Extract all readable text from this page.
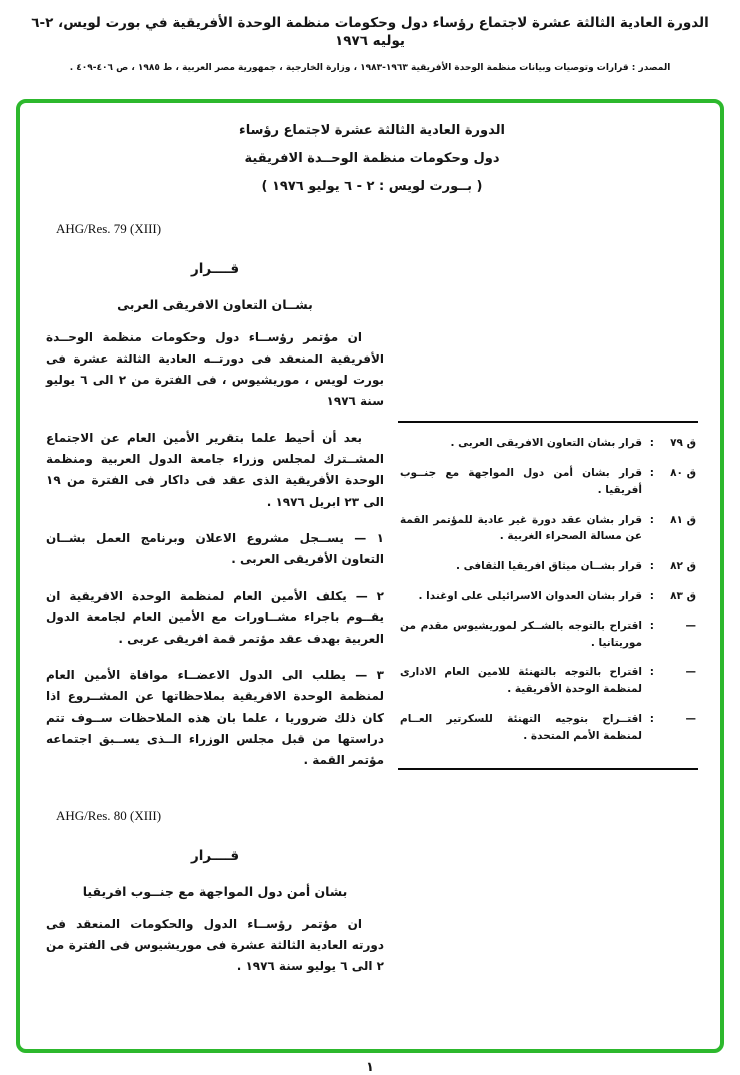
الدورة العادية الثالثة عشرة لاجتماع رؤساء دول وحكومات منظمة الوحدة الأفريقية في بورت لويس، ٢-٦ يوليه ١٩٧٦
المصدر : قرارات وتوصيات وبيانات منظمة الوحدة الأفريقية ١٩٦٣-١٩٨٣ ، وزارة الخارجية ، جمهورية مصر العربية ، ط ١٩٨٥ ، ص ٤٠٦-٤٠٩ .
الدورة العادية الثالثة عشرة لاجتماع رؤساء
دول وحكومات منظمة الوحــدة الافريقية
( بــورت لويس : ٢ - ٦ يوليو ١٩٧٦ )
ق ٧٩
:
قرار بشان التعاون الافريقى العربى .
ق ٨٠
:
قرار بشان أمن دول المواجهة مع جنــوب أفريقيا .
ق ٨١
:
قرار بشان عقد دورة غير عادية للمؤتمر القمة عن مسالة الصحراء الغربية .
ق ٨٢
:
قرار بشــان ميثاق افريقيا الثقافى .
ق ٨٣
:
قرار بشان العدوان الاسرائيلى على اوغندا .
—
:
اقتراح بالتوجه بالشــكر لموريشيوس مقدم من موريتانيا .
—
:
اقتراح بالتوجه بالتهنئة للامين العام الادارى لمنظمة الوحدة الأفريقية .
—
:
اقتــراح بتوجيه التهنئة للسكرتير العــام لمنظمة الأمم المتحدة .
AHG/Res. 79 (XIII)
قــــرار
بشــان التعاون الافريقى العربى

ان مؤتمر رؤســاء دول وحكومات منظمة الوحــدة الأفريقية المنعقد فى دورتــه العادية الثالثة عشرة فى بورت لويس ، موريشيوس ، فى الفترة من ٢ الى ٦ يوليو سنة ١٩٧٦

بعد أن أحيط علما بتقرير الأمين العام عن الاجتماع المشــترك لمجلس وزراء جامعة الدول العربية ومنظمة الوحدة الأفريقية الذى عقد فى داكار فى الفترة من ١٩ الى ٢٣ ابريل ١٩٧٦ .

١ — يســجل مشروع الاعلان وبرنامج العمل بشــان التعاون الأفريقى العربى .

٢ — يكلف الأمين العام لمنظمة الوحدة الافريقية ان يقــوم باجراء مشــاورات مع الأمين العام لجامعة الدول العربية بهدف عقد مؤتمر قمة افريقى عربى .

٣ — يطلب الى الدول الاعضــاء موافاة الأمين العام لمنظمة الوحدة الافريقية بملاحظاتها عن المشــروع اذا كان ذلك ضروريا ، علما بان هذه الملاحظات ســوف تتم دراستها من قبل مجلس الوزراء الــذى يســبق اجتماعه مؤتمر القمة .

AHG/Res. 80 (XIII)
قــــرار
بشان أمن دول المواجهة مع جنــوب افريقيا

ان مؤتمر رؤســاء الدول والحكومات المنعقد فى دورته العادية الثالثة عشرة فى موريشيوس فى الفترة من ٢ الى ٦ يوليو سنة ١٩٧٦ .

١
